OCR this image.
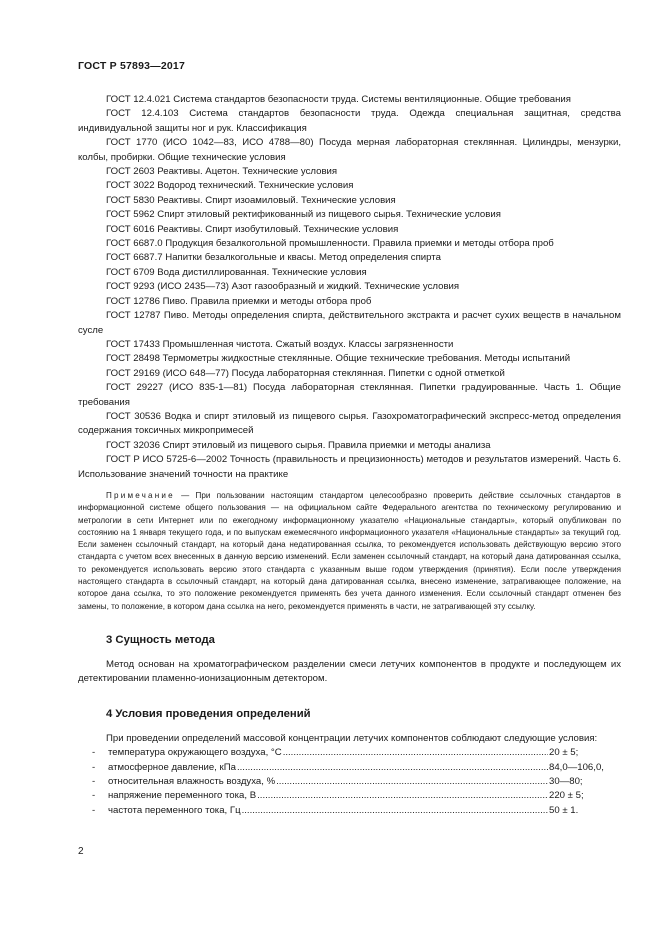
ГОСТ Р 57893—2017

ГОСТ 12.4.021 Система стандартов безопасности труда. Системы вентиляционные. Общие требования

ГОСТ 12.4.103 Система стандартов безопасности труда. Одежда специальная защитная, средства индивидуальной защиты ног и рук. Классификация

ГОСТ 1770 (ИСО 1042—83, ИСО 4788—80) Посуда мерная лабораторная стеклянная. Цилиндры, мензурки, колбы, пробирки. Общие технические условия

ГОСТ 2603 Реактивы. Ацетон. Технические условия

ГОСТ 3022 Водород технический. Технические условия

ГОСТ 5830 Реактивы. Спирт изоамиловый. Технические условия

ГОСТ 5962 Спирт этиловый ректификованный из пищевого сырья. Технические условия

ГОСТ 6016 Реактивы. Спирт изобутиловый. Технические условия

ГОСТ 6687.0 Продукция безалкогольной промышленности. Правила приемки и методы отбора проб

ГОСТ 6687.7 Напитки безалкогольные и квасы. Метод определения спирта

ГОСТ 6709 Вода дистиллированная. Технические условия

ГОСТ 9293 (ИСО 2435—73) Азот газообразный и жидкий. Технические условия

ГОСТ 12786 Пиво. Правила приемки и методы отбора проб

ГОСТ 12787 Пиво. Методы определения спирта, действительного экстракта и расчет сухих веществ в начальном сусле

ГОСТ 17433 Промышленная чистота. Сжатый воздух. Классы загрязненности

ГОСТ 28498 Термометры жидкостные стеклянные. Общие технические требования. Методы испытаний

ГОСТ 29169 (ИСО 648—77) Посуда лабораторная стеклянная. Пипетки с одной отметкой

ГОСТ 29227 (ИСО 835-1—81) Посуда лабораторная стеклянная. Пипетки градуированные. Часть 1. Общие требования

ГОСТ 30536 Водка и спирт этиловый из пищевого сырья. Газохроматографический экспресс-метод определения содержания токсичных микропримесей

ГОСТ 32036 Спирт этиловый из пищевого сырья. Правила приемки и методы анализа

ГОСТ Р ИСО 5725-6—2002 Точность (правильность и прецизионность) методов и результатов измерений. Часть 6. Использование значений точности на практике

Примечание — При пользовании настоящим стандартом целесообразно проверить действие ссылочных стандартов в информационной системе общего пользования — на официальном сайте Федерального агентства по техническому регулированию и метрологии в сети Интернет или по ежегодному информационному указателю «Национальные стандарты», который опубликован по состоянию на 1 января текущего года, и по выпускам ежемесячного информационного указателя «Национальные стандарты» за текущий год. Если заменен ссылочный стандарт, на который дана недатированная ссылка, то рекомендуется использовать действующую версию этого стандарта с учетом всех внесенных в данную версию изменений. Если заменен ссылочный стандарт, на который дана датированная ссылка, то рекомендуется использовать версию этого стандарта с указанным выше годом утверждения (принятия). Если после утверждения настоящего стандарта в ссылочный стандарт, на который дана датированная ссылка, внесено изменение, затрагивающее положение, на которое дана ссылка, то это положение рекомендуется применять без учета данного изменения. Если ссылочный стандарт отменен без замены, то положение, в котором дана ссылка на него, рекомендуется применять в части, не затрагивающей эту ссылку.

3 Сущность метода

Метод основан на хроматографическом разделении смеси летучих компонентов в продукте и последующем их детектировании пламенно-ионизационным детектором.

4 Условия проведения определений

При проведении определений массовой концентрации летучих компонентов соблюдают следующие условия:

-	температура окружающего воздуха, °С .....	20 ± 5;
-	атмосферное давление, кПа .....	84,0—106,0,
-	относительная влажность воздуха, % .....	30—80;
-	напряжение переменного тока, В .....	220 ± 5;
-	частота переменного тока, Гц .....	50 ± 1.
2
